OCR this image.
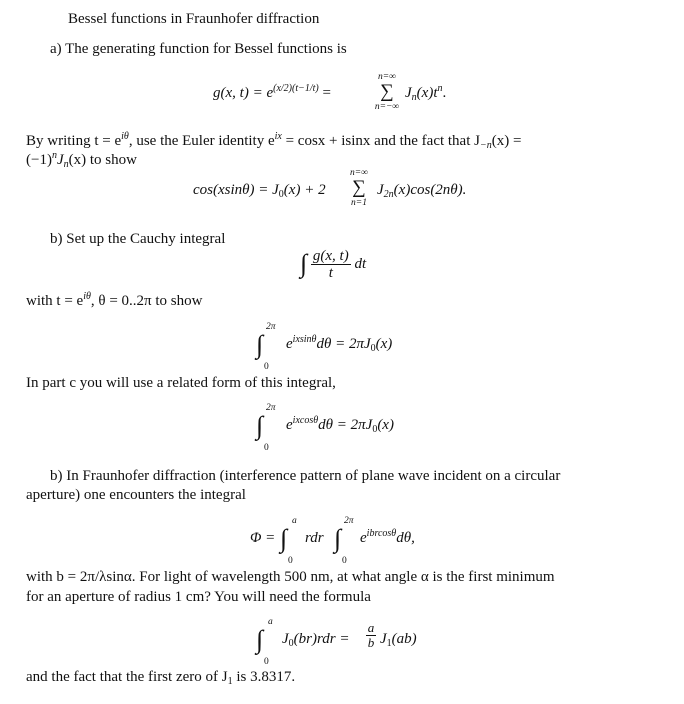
Bessel functions in Fraunhofer diffraction
a) The generating function for Bessel functions is
g(x, $t) = e^{(x/2)(t-1/t)}$ =
n=∞
∑
n=−∞
$J_n(x)t^n$.
By writing $t = e^{i\theta}$, use the Euler identity $e^{ix} = \cos x + isinx$ and the fact that $J_{-n}(x)$ =
$(-1)^nJ_n(x)$ to show
$\cos(xsin\theta) = J_0(x) + 2$
n=∞
∑
n=1
$J_{2n}(x)\cos(2n\theta)$.
b) Set up the Cauchy integral
∫ $\frac{g(x, t)}{t}$ dt
with $t = e^{i\theta}$, θ = 0..2π to show
∫
2π
0
$e^{ixsin\theta}d\theta = 2\pi J_0(x)$
In part c you will use a related form of this integral,
∫
2π
0
$e^{ixcos\theta}d\theta = 2\pi J_0(x)$
b) In Fraunhofer diffraction (interference pattern of plane wave incident on a circular
aperture) one encounters the integral
Φ = ∫
a
0
rdr ∫
2π
0
$e^{ibrcos\theta}d\theta$,
with b = 2π/λsinα. For light of wavelength 500 nm, at what angle α is the first minimum
for an aperture of radius 1 cm? You will need the formula
∫
a
0
$J_0(br)rdr = \frac{a}{b} J_1(ab)$
and the fact that the first zero of $J_1$ is 3.8317.
